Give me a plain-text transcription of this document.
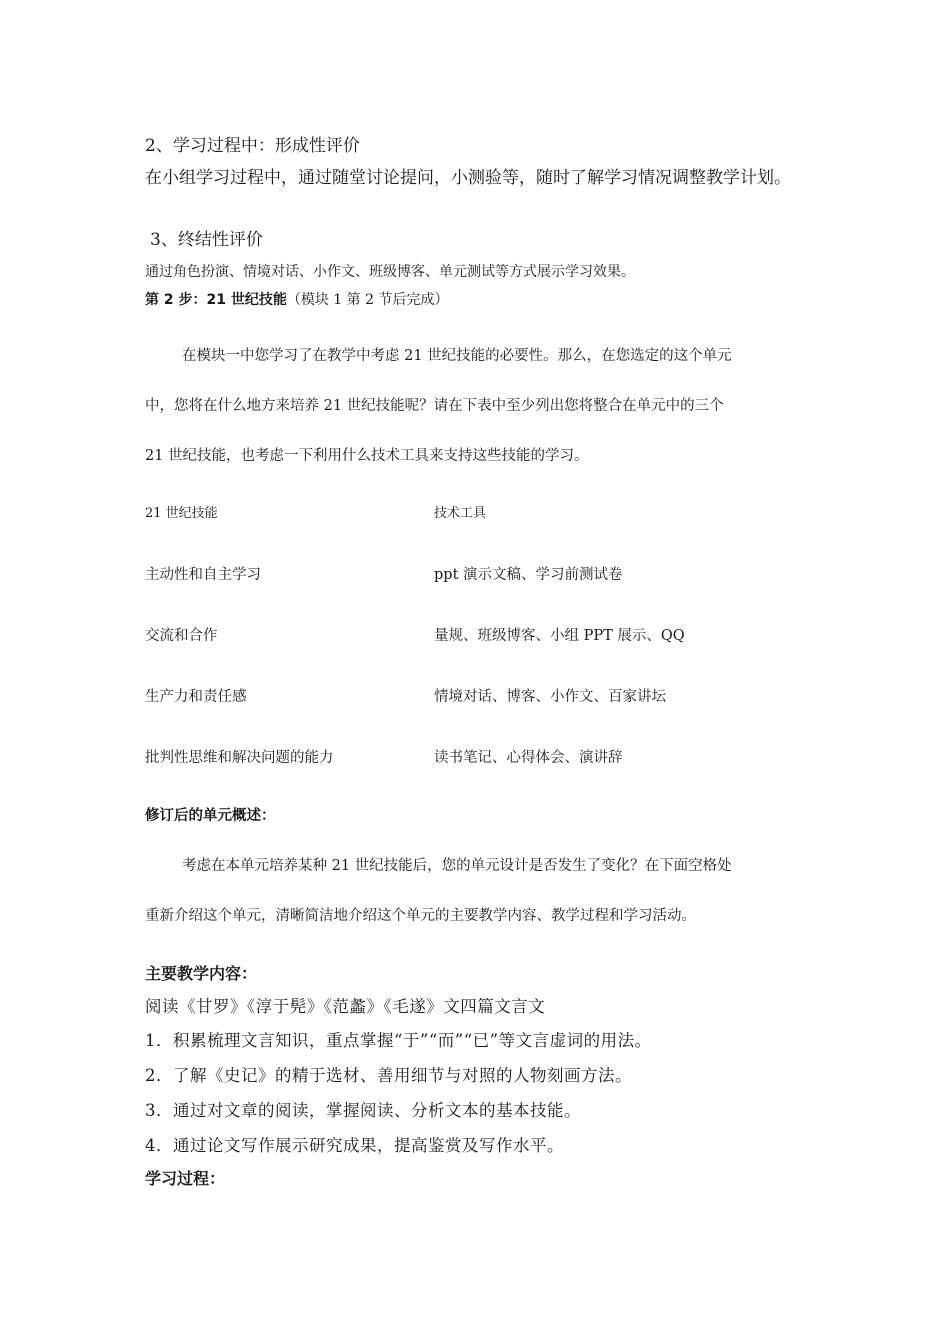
2、学习过程中：形成性评价
在小组学习过程中，通过随堂讨论提问，小测验等，随时了解学习情况调整教学计划。
3、终结性评价
通过角色扮演、情境对话、小作文、班级博客、单元测试等方式展示学习效果。
第 2 步：21 世纪技能（模块 1 第 2 节后完成）
在模块一中您学习了在教学中考虑 21 世纪技能的必要性。那么，在您选定的这个单元
中，您将在什么地方来培养 21 世纪技能呢？请在下表中至少列出您将整合在单元中的三个
21 世纪技能，也考虑一下利用什么技术工具来支持这些技能的学习。
21 世纪技能	技术工具
主动性和自主学习	ppt 演示文稿、学习前测试卷
交流和合作	量规、班级博客、小组 PPT 展示、QQ
生产力和责任感	情境对话、博客、小作文、百家讲坛
批判性思维和解决问题的能力	读书笔记、心得体会、演讲辞
修订后的单元概述：
考虑在本单元培养某种 21 世纪技能后，您的单元设计是否发生了变化？在下面空格处
重新介绍这个单元，清晰简洁地介绍这个单元的主要教学内容、教学过程和学习活动。
主要教学内容：
阅读《甘罗》《淳于髡》《范蠡》《毛遂》文四篇文言文
1．积累梳理文言知识，重点掌握“于”“而”“已”等文言虚词的用法。
2．了解《史记》的精于选材、善用细节与对照的人物刻画方法。
3．通过对文章的阅读，掌握阅读、分析文本的基本技能。
4．通过论文写作展示研究成果，提高鉴赏及写作水平。
学习过程：
